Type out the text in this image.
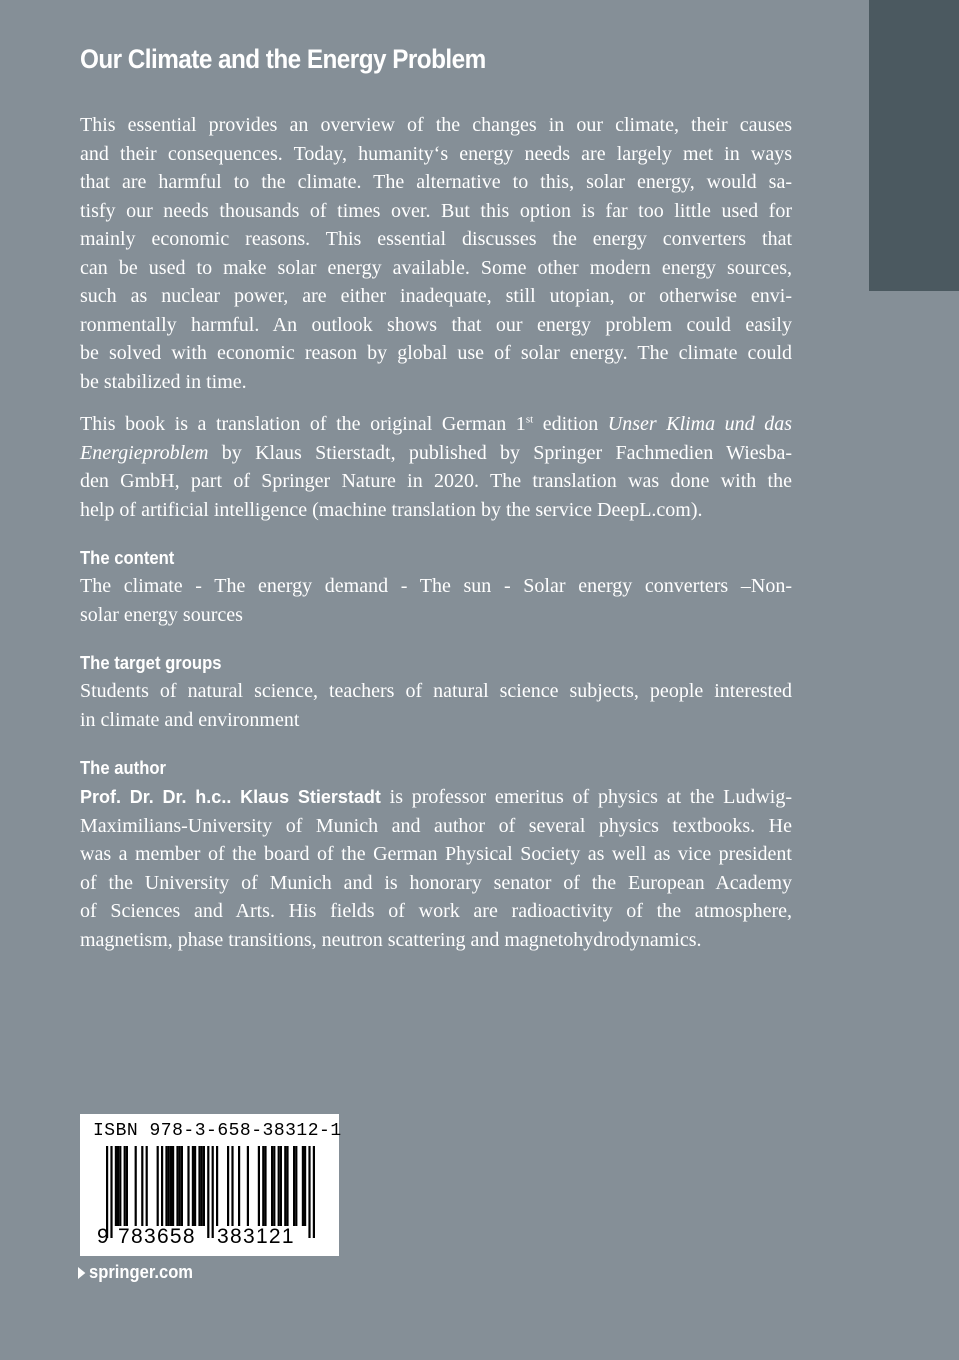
Our Climate and the Energy Problem

This essential provides an overview of the changes in our climate, their causes
and their consequences. Today, humanity‘s energy needs are largely met in ways
that are harmful to the climate. The alternative to this, solar energy, would sa-
tisfy our needs thousands of times over. But this option is far too little used for
mainly economic reasons. This essential discusses the energy converters that
can be used to make solar energy available. Some other modern energy sources,
such as nuclear power, are either inadequate, still utopian, or otherwise envi-
ronmentally harmful. An outlook shows that our energy problem could easily
be solved with economic reason by global use of solar energy. The climate could
be stabilized in time.

This book is a translation of the original German 1st edition Unser Klima und das
Energieproblem by Klaus Stierstadt, published by Springer Fachmedien Wiesba-
den GmbH, part of Springer Nature in 2020. The translation was done with the
help of artificial intelligence (machine translation by the service DeepL.com).

The content

The climate - The energy demand - The sun - Solar energy converters –Non-
solar energy sources

The target groups

Students of natural science, teachers of natural science subjects, people interested
in climate and environment

The author

Prof. Dr. Dr. h.c.. Klaus Stierstadt is professor emeritus of physics at the Ludwig-
Maximilians-University of Munich and author of several physics textbooks. He
was a member of the board of the German Physical Society as well as vice president
of the University of Munich and is honorary senator of the European Academy
of Sciences and Arts. His fields of work are radioactivity of the atmosphere,
magnetism, phase transitions, neutron scattering and magnetohydrodynamics.

ISBN 978-3-658-38312-1
9 783658 383121
springer.com
